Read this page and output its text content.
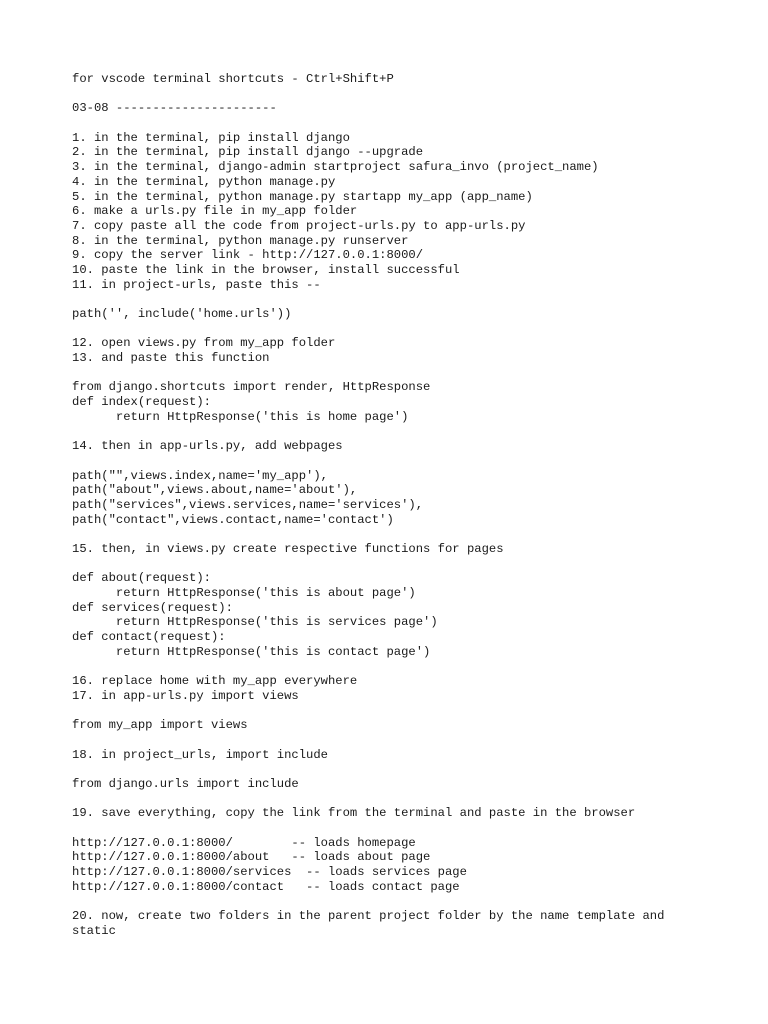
for vscode terminal shortcuts - Ctrl+Shift+P
03-08 ----------------------
1. in the terminal, pip install django
2. in the terminal, pip install django --upgrade
3. in the terminal, django-admin startproject safura_invo (project_name)
4. in the terminal, python manage.py
5. in the terminal, python manage.py startapp my_app (app_name)
6. make a urls.py file in my_app folder
7. copy paste all the code from project-urls.py to app-urls.py
8. in the terminal, python manage.py runserver
9. copy the server link - http://127.0.0.1:8000/
10. paste the link in the browser, install successful
11. in project-urls, paste this --
path('', include('home.urls'))
12. open views.py from my_app folder
13. and paste this function
from django.shortcuts import render, HttpResponse
def index(request):
return HttpResponse('this is home page')
14. then in app-urls.py, add webpages
path("",views.index,name='my_app'),
path("about",views.about,name='about'),
path("services",views.services,name='services'),
path("contact",views.contact,name='contact')
15. then, in views.py create respective functions for pages
def about(request):
return HttpResponse('this is about page')
def services(request):
return HttpResponse('this is services page')
def contact(request):
return HttpResponse('this is contact page')
16. replace home with my_app everywhere
17. in app-urls.py import views
from my_app import views
18. in project_urls, import include
from django.urls import include
19. save everything, copy the link from the terminal and paste in the browser
http://127.0.0.1:8000/        -- loads homepage
http://127.0.0.1:8000/about   -- loads about page
http://127.0.0.1:8000/services  -- loads services page
http://127.0.0.1:8000/contact   -- loads contact page
20. now, create two folders in the parent project folder by the name template and
static
